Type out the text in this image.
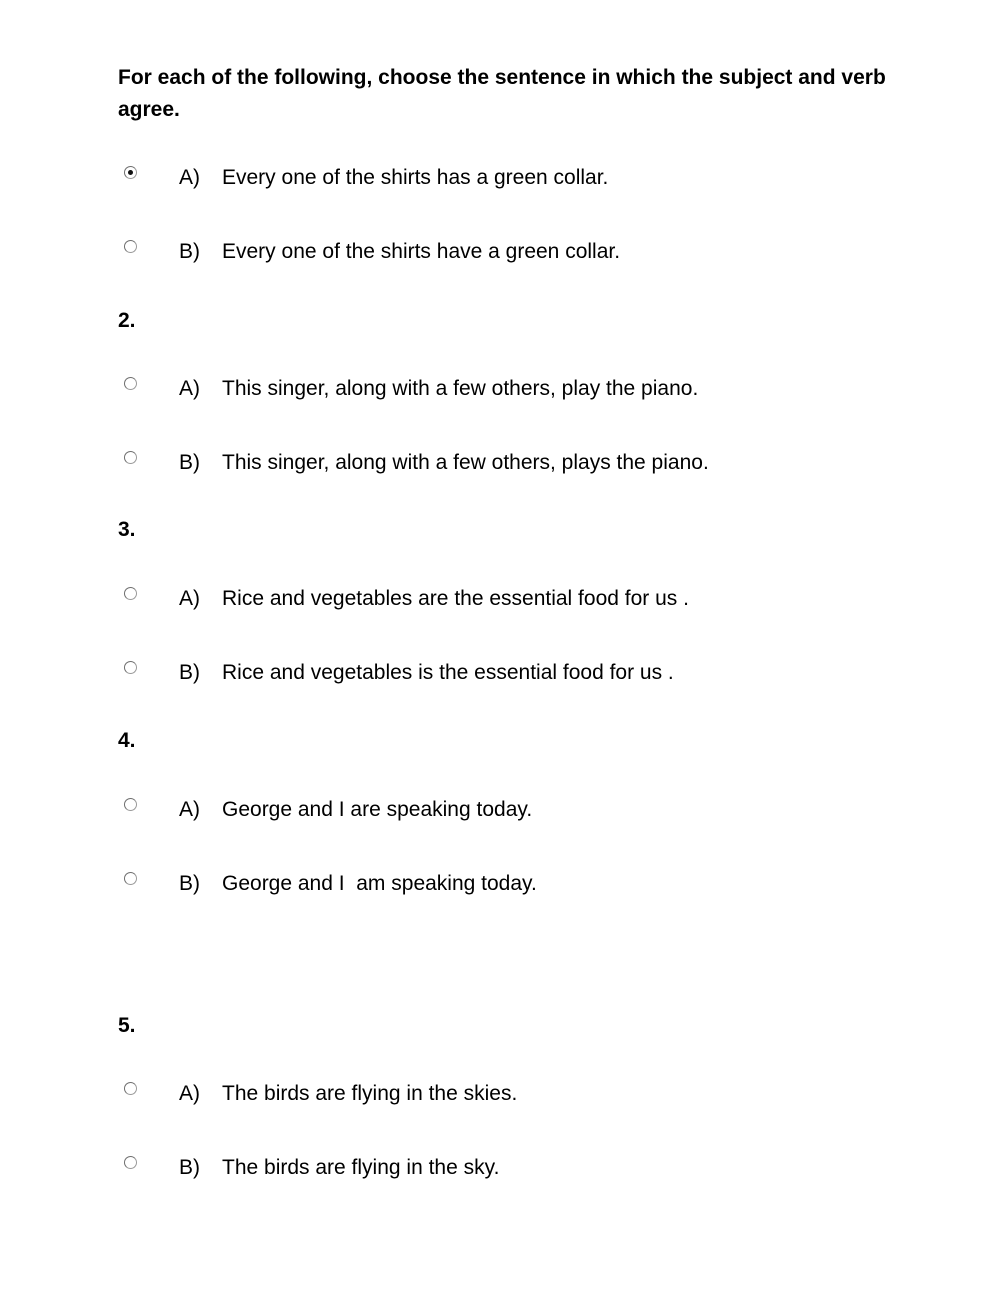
For each of the following, choose the sentence in which the subject and verb agree.

A) Every one of the shirts has a green collar.
B) Every one of the shirts have a green collar.

2.

A) This singer, along with a few others, play the piano.
B) This singer, along with a few others, plays the piano.

3.

A) Rice and vegetables are the essential food for us .
B) Rice and vegetables is the essential food for us .

4.

A) George and I are speaking today.
B) George and I  am speaking today.

5.

A) The birds are flying in the skies.
B) The birds are flying in the sky.
